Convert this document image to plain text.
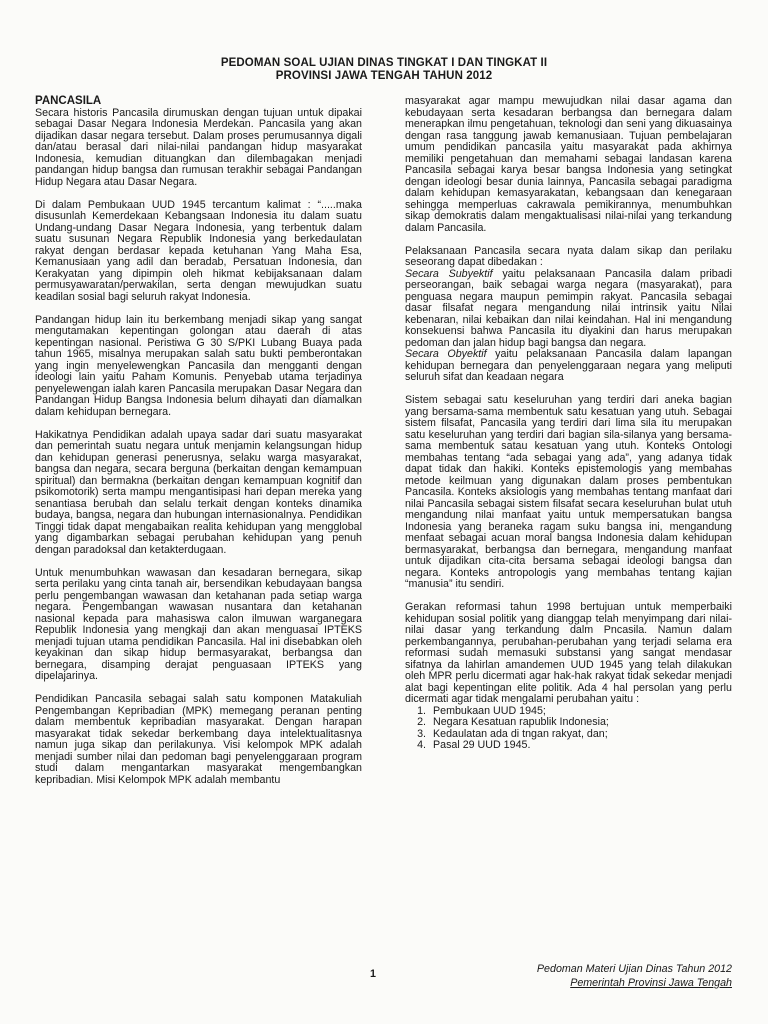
PEDOMAN SOAL UJIAN DINAS TINGKAT I DAN TINGKAT II
PROVINSI JAWA TENGAH TAHUN 2012
PANCASILA

Secara historis Pancasila dirumuskan dengan tujuan untuk dipakai sebagai Dasar Negara Indonesia Merdekan. Pancasila yang akan dijadikan dasar negara tersebut. Dalam proses perumusannya digali dan/atau berasal dari nilai-nilai pandangan hidup masyarakat Indonesia, kemudian dituangkan dan dilembagakan menjadi pandangan hidup bangsa dan rumusan terakhir sebagai Pandangan Hidup Negara atau Dasar Negara.

Di dalam Pembukaan UUD 1945 tercantum kalimat : “.....maka disusunlah Kemerdekaan Kebangsaan Indonesia itu dalam suatu Undang-undang Dasar Negara Indonesia, yang terbentuk dalam suatu susunan Negara Republik Indonesia yang berkedaulatan rakyat dengan berdasar kepada ketuhanan Yang Maha Esa, Kemanusiaan yang adil dan beradab, Persatuan Indonesia, dan Kerakyatan yang dipimpin oleh hikmat kebijaksanaan dalam permusyawaratan/perwakilan, serta dengan mewujudkan suatu keadilan sosial bagi seluruh rakyat Indonesia.

Pandangan hidup lain itu berkembang menjadi sikap yang sangat mengutamakan kepentingan golongan atau daerah di atas kepentingan nasional. Peristiwa G 30 S/PKI Lubang Buaya pada tahun 1965, misalnya merupakan salah satu bukti pemberontakan yang ingin menyelewengkan Pancasila dan mengganti dengan ideologi lain yaitu Paham Komunis. Penyebab utama terjadinya penyelewengan ialah karen Pancasila merupakan Dasar Negara dan Pandangan Hidup Bangsa Indonesia belum dihayati dan diamalkan dalam kehidupan bernegara.

Hakikatnya Pendidikan adalah upaya sadar dari suatu masyarakat dan pemerintah suatu negara untuk menjamin kelangsungan hidup dan kehidupan generasi penerusnya, selaku warga masyarakat, bangsa dan negara, secara berguna (berkaitan dengan kemampuan spiritual) dan bermakna (berkaitan dengan kemampuan kognitif dan psikomotorik) serta mampu mengantisipasi hari depan mereka yang senantiasa berubah dan selalu terkait dengan konteks dinamika budaya, bangsa, negara dan hubungan internasionalnya. Pendidikan Tinggi tidak dapat mengabaikan realita kehidupan yang mengglobal yang digambarkan sebagai perubahan kehidupan yang penuh dengan paradoksal dan ketakterdugaan.

Untuk menumbuhkan wawasan dan kesadaran bernegara, sikap serta perilaku yang cinta tanah air, bersendikan kebudayaan bangsa perlu pengembangan wawasan dan ketahanan pada setiap warga negara. Pengembangan wawasan nusantara dan ketahanan nasional kepada para mahasiswa calon ilmuwan warganegara Republik Indonesia yang mengkaji dan akan menguasai IPTEKS menjadi tujuan utama pendidikan Pancasila. Hal ini disebabkan oleh keyakinan dan sikap hidup bermasyarakat, berbangsa dan bernegara, disamping derajat penguasaan IPTEKS yang dipelajarinya.

Pendidikan Pancasila sebagai salah satu komponen Matakuliah Pengembangan Kepribadian (MPK) memegang peranan penting dalam membentuk kepribadian masyarakat. Dengan harapan masyarakat tidak sekedar berkembang daya intelektualitasnya namun juga sikap dan perilakunya. Visi kelompok MPK adalah menjadi sumber nilai dan pedoman bagi penyelenggaraan program studi dalam mengantarkan masyarakat mengembangkan kepribadian. Misi Kelompok MPK adalah membantu

masyarakat agar mampu mewujudkan nilai dasar agama dan kebudayaan serta kesadaran berbangsa dan bernegara dalam menerapkan ilmu pengetahuan, teknologi dan seni yang dikuasainya dengan rasa tanggung jawab kemanusiaan. Tujuan pembelajaran umum pendidikan pancasila yaitu masyarakat pada akhirnya memiliki pengetahuan dan memahami sebagai landasan karena Pancasila sebagai karya besar bangsa Indonesia yang setingkat dengan ideologi besar dunia lainnya, Pancasila sebagai paradigma dalam kehidupan kemasyarakatan, kebangsaan dan kenegaraan sehingga memperluas cakrawala pemikirannya, menumbuhkan sikap demokratis dalam mengaktualisasi nilai-nilai yang terkandung dalam Pancasila.

Pelaksanaan Pancasila secara nyata dalam sikap dan perilaku seseorang dapat dibedakan :

Secara Subyektif yaitu pelaksanaan Pancasila dalam pribadi perseorangan, baik sebagai warga negara (masyarakat), para penguasa negara maupun pemimpin rakyat. Pancasila sebagai dasar filsafat negara mengandung nilai intrinsik yaitu Nilai kebenaran, nilai kebaikan dan nilai keindahan. Hal ini mengandung konsekuensi bahwa Pancasila itu diyakini dan harus merupakan pedoman dan jalan hidup bagi bangsa dan negara.

Secara Obyektif yaitu pelaksanaan Pancasila dalam lapangan kehidupan bernegara dan penyelenggaraan negara yang meliputi seluruh sifat dan keadaan negara

Sistem sebagai satu keseluruhan yang terdiri dari aneka bagian yang bersama-sama membentuk satu kesatuan yang utuh. Sebagai sistem filsafat, Pancasila yang terdiri dari lima sila itu merupakan satu keseluruhan yang terdiri dari bagian sila-silanya yang bersama-sama membentuk satau kesatuan yang utuh. Konteks Ontologi membahas tentang “ada sebagai yang ada”, yang adanya tidak dapat tidak dan hakiki. Konteks epistemologis yang membahas metode keilmuan yang digunakan dalam proses pembentukan Pancasila. Konteks aksiologis yang membahas tentang manfaat dari nilai Pancasila sebagai sistem filsafat secara keseluruhan bulat utuh mengandung nilai manfaat yaitu untuk mempersatukan bangsa Indonesia yang beraneka ragam suku bangsa ini, mengandung menfaat sebagai acuan moral bangsa Indonesia dalam kehidupan bermasyarakat, berbangsa dan bernegara, mengandung manfaat untuk dijadikan cita-cita bersama sebagai ideologi bangsa dan negara. Konteks antropologis yang membahas tentang kajian “manusia” itu sendiri.

Gerakan reformasi tahun 1998 bertujuan untuk memperbaiki kehidupan sosial politik yang dianggap telah menyimpang dari nilai-nilai dasar yang terkandung dalm Pncasila. Namun dalam perkembangannya, perubahan-perubahan yang terjadi selama era reformasi sudah memasuki substansi yang sangat mendasar sifatnya da lahirlan amandemen UUD 1945 yang telah dilakukan oleh MPR perlu dicermati agar hak-hak rakyat tidak sekedar menjadi alat bagi kepentingan elite politik. Ada 4 hal persolan yang perlu dicermati agar tidak mengalami perubahan yaitu :

1. Pembukaan UUD 1945;
2. Negara Kesatuan rapublik Indonesia;
3. Kedaulatan ada di tngan rakyat, dan;
4. Pasal 29 UUD 1945.
1	Pedoman Materi Ujian Dinas Tahun 2012
Pemerintah Provinsi Jawa Tengah
